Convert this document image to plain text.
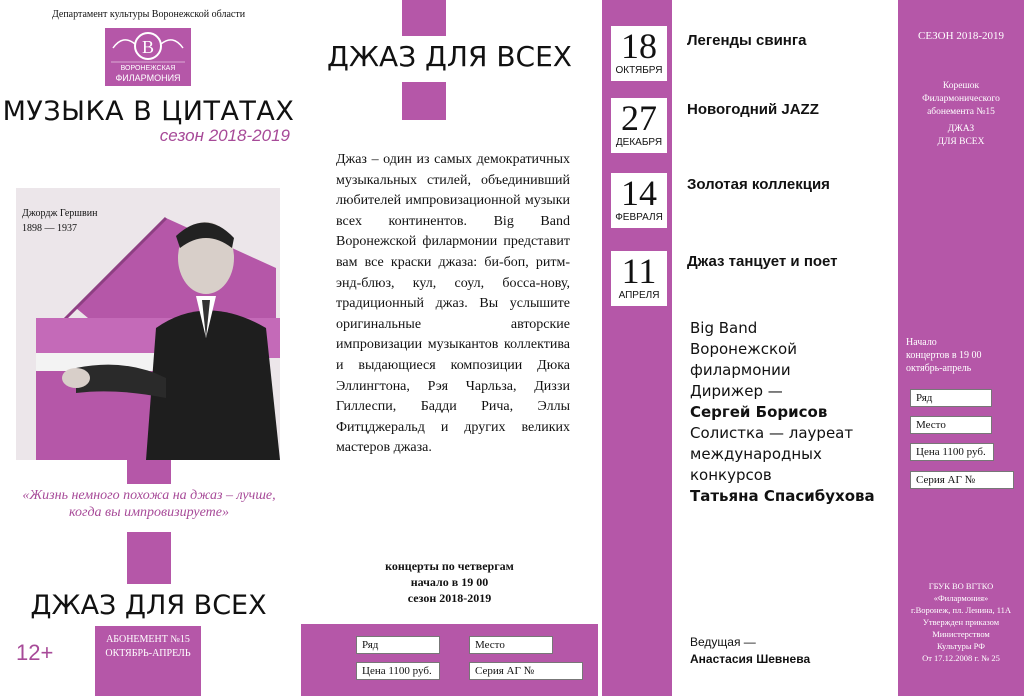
Департамент культуры Воронежской области
В
ВОРОНЕЖСКАЯ
ФИЛАРМОНИЯ
МУЗЫКА В ЦИТАТАХ
сезон 2018-2019
Джордж Гершвин
1898 — 1937
«Жизнь немного похожа на джаз – лучше, когда вы импровизируете»
ДЖАЗ ДЛЯ ВСЕХ
12+
АБОНЕМЕНТ №15
ОКТЯБРЬ-АПРЕЛЬ
ДЖАЗ ДЛЯ ВСЕХ
Джаз – один из самых демократичных музыкальных стилей, объединивший любителей импровизационной музыки всех континентов. Big Band Воронежской филармонии представит вам все краски джаза: би-боп, ритм-энд-блюз, кул, соул, босса-нову, традиционный джаз. Вы услышите оригинальные авторские импровизации музыкантов коллектива и выдающиеся композиции Дюка Эллингтона, Рэя Чарльза, Диззи Гиллеспи, Бадди Рича, Эллы Фитцджеральд и других великих мастеров джаза.
концерты по четвергам
начало в 19 00
сезон 2018-2019
Ряд	Место
Цена 1100 руб.	Серия АГ №
18
ОКТЯБРЯ
Легенды свинга
27
ДЕКАБРЯ
Новогодний JAZZ
14
ФЕВРАЛЯ
Золотая коллекция
11
АПРЕЛЯ
Джаз танцует и поет
Big Band
Воронежской
филармонии
Дирижер —
Сергей Борисов
Солистка — лауреат
международных
конкурсов
Татьяна Спасибухова
Ведущая —
Анастасия Шевнева
СЕЗОН 2018-2019
Корешок
Филармонического
абонемента №15
ДЖАЗ
ДЛЯ ВСЕХ
Начало
концертов в 19 00
октябрь-апрель
Ряд
Место
Цена 1100 руб.
Серия АГ №
ГБУК ВО ВГТКО
«Филармония»
г.Воронеж, пл. Ленина, 11А
Утвержден приказом
Министерством
Культуры РФ
От 17.12.2008 г. № 25
